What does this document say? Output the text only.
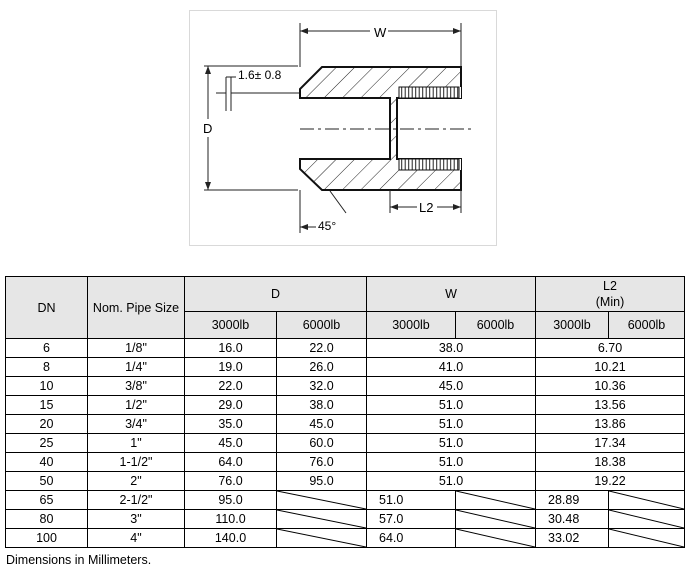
W
D
1.6± 0.8
L2
45°
DN	Nom. Pipe Size	D		W		L2
(Min)	

		3000lb	6000lb	3000lb	6000lb	3000lb	6000lb
6	1/8"	16.0	22.0	38.0		6.70	
8	1/4"	19.0	26.0	41.0		10.21	
10	3/8"	22.0	32.0	45.0		10.36	
15	1/2"	29.0	38.0	51.0		13.56	
20	3/4"	35.0	45.0	51.0		13.86	
25	1"	45.0	60.0	51.0		17.34	
40	1-1/2"	64.0	76.0	51.0		18.38	
50	2"	76.0	95.0	51.0		19.22	
65	2-1/2"	95.0		51.0		28.89	

80	3"	110.0		57.0		30.48	

100	4"	140.0		64.0		33.02	
Dimensions in Millimeters.
